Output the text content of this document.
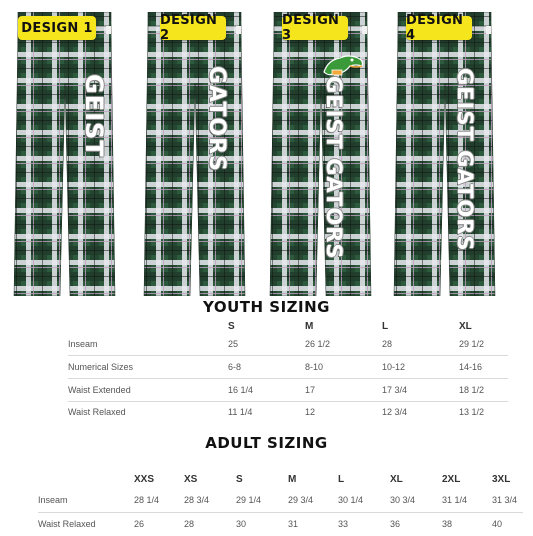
DESIGN 1
GEIST
DESIGN 2
GATORS
DESIGN 3
GEIST GATORS
DESIGN 4
GEIST GATORS
YOUTH SIZING
	S	M	L	XL
Inseam	25	26 1/2	28	29 1/2
Numerical Sizes	6-8	8-10	10-12	14-16
Waist Extended	16 1/4	17	17 3/4	18 1/2
Waist Relaxed	11 1/4	12	12 3/4	13 1/2
ADULT SIZING
	XXS	XS	S	M	L	XL	2XL	3XL
Inseam	28 1/4	28 3/4	29 1/4	29 3/4	30 1/4	30 3/4	31 1/4	31 3/4
Waist Relaxed	26	28	30	31	33	36	38	40
